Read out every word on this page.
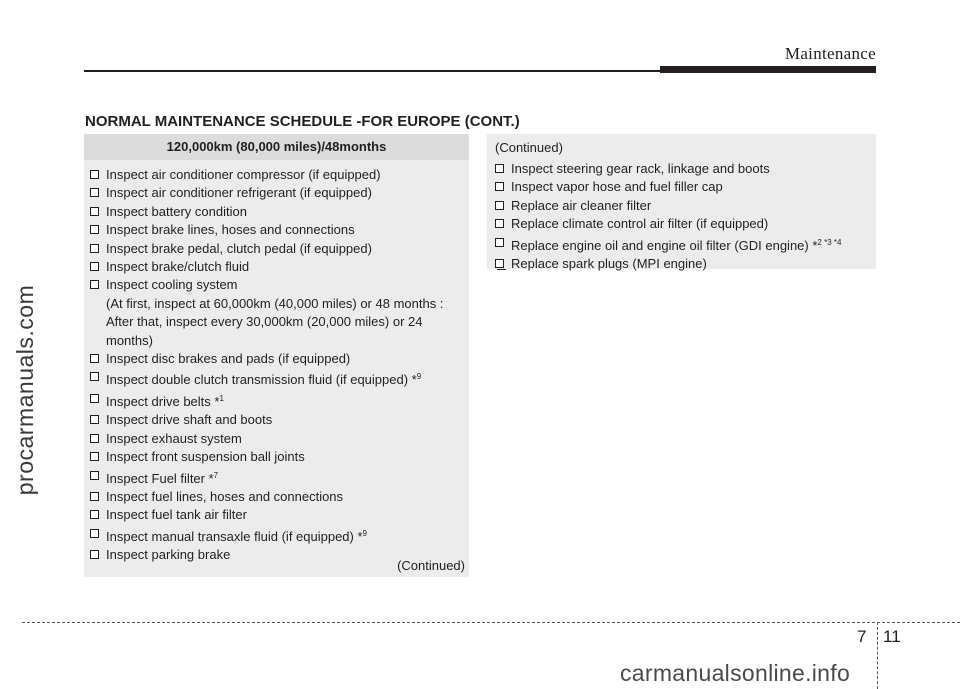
Maintenance
procarmanuals.com
NORMAL MAINTENANCE SCHEDULE -FOR EUROPE (CONT.)
120,000km (80,000 miles)/48months
Inspect air conditioner compressor (if equipped)
Inspect air conditioner refrigerant (if equipped)
Inspect battery condition
Inspect brake lines, hoses and connections
Inspect brake pedal, clutch pedal (if equipped)
Inspect brake/clutch fluid
Inspect cooling system
(At first, inspect at 60,000km (40,000 miles) or 48 months :
After that, inspect every 30,000km (20,000 miles) or 24
months)
Inspect disc brakes and pads (if equipped)
Inspect double clutch transmission fluid (if equipped) *$^9$
Inspect drive belts *$^1$
Inspect drive shaft and boots
Inspect exhaust system
Inspect front suspension ball joints
Inspect Fuel filter *$^7$
Inspect fuel lines, hoses and connections
Inspect fuel tank air filter
Inspect manual transaxle fluid (if equipped) *$^9$
Inspect parking brake
(Continued)
(Continued)
Inspect steering gear rack, linkage and boots
Inspect vapor hose and fuel filler cap
Replace air cleaner filter
Replace climate control air filter (if equipped)
Replace engine oil and engine oil filter (GDI engine) *$^{2 *3 *4}$
Replace spark plugs (MPI engine)
7 11
carmanualsonline.info
